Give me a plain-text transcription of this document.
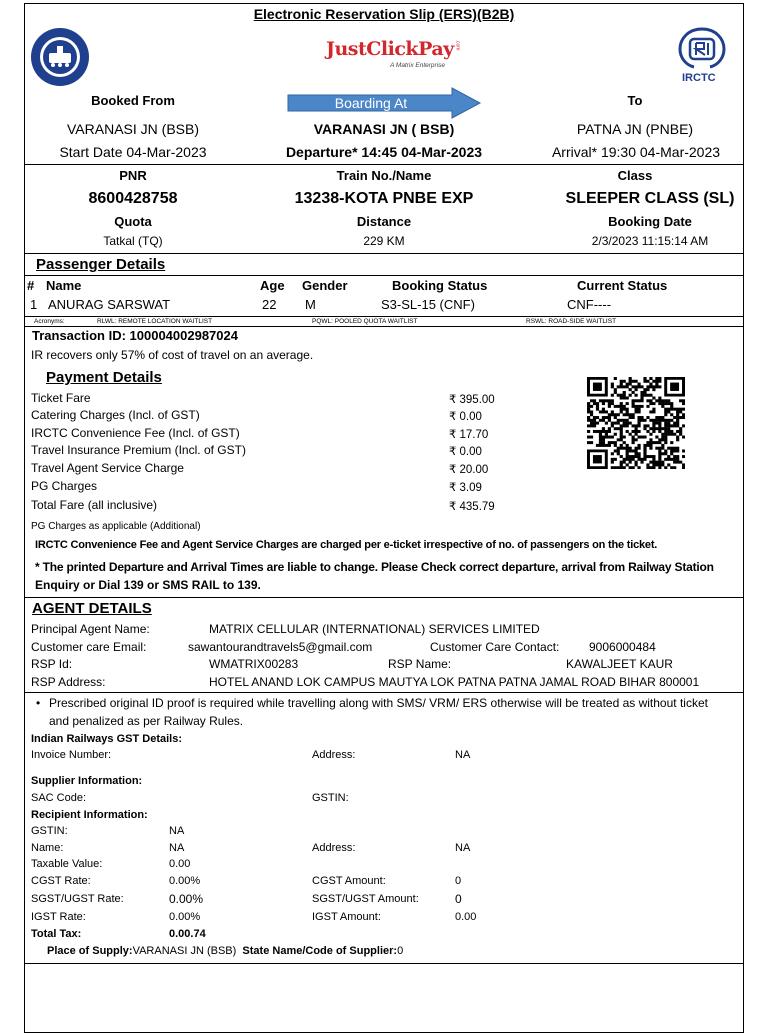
Electronic Reservation Slip (ERS)(B2B)
JustClickPay .com
A Matrix Enterprise
IRCTC
Booked From	Boarding At	To
VARANASI JN (BSB)	VARANASI JN ( BSB)	PATNA JN (PNBE)
Start Date 04-Mar-2023	Departure* 14:45 04-Mar-2023	Arrival* 19:30 04-Mar-2023
PNR	Train No./Name	Class
8600428758	13238-KOTA PNBE EXP	SLEEPER CLASS (SL)
Quota	Distance	Booking Date
Tatkal (TQ)	229 KM	2/3/2023 11:15:14 AM
Passenger Details
# Name	Age Gender	Booking Status	Current Status
1 ANURAG SARSWAT	22 M	S3-SL-15 (CNF)	CNF----
Acronyms:	RLWL: REMOTE LOCATION WAITLIST	PQWL: POOLED QUOTA WAITLIST	RSWL: ROAD-SIDE WAITLIST
Transaction ID: 100004002987024
IR recovers only 57% of cost of travel on an average.
Payment Details
Ticket Fare	₹ 395.00
Catering Charges (Incl. of GST)	₹ 0.00
IRCTC Convenience Fee (Incl. of GST)	₹ 17.70
Travel Insurance Premium (Incl. of GST)	₹ 0.00
Travel Agent Service Charge	₹ 20.00
PG Charges	₹ 3.09
Total Fare (all inclusive)	₹ 435.79
PG Charges as applicable (Additional)
IRCTC Convenience Fee and Agent Service Charges are charged per e-ticket irrespective of no. of passengers on the ticket.
* The printed Departure and Arrival Times are liable to change. Please Check correct departure, arrival from Railway Station
Enquiry or Dial 139 or SMS RAIL to 139.
AGENT DETAILS
Principal Agent Name:	MATRIX CELLULAR (INTERNATIONAL) SERVICES LIMITED
Customer care Email:	sawantourandtravels5@gmail.com	Customer Care Contact: 9006000484
RSP Id:	WMATRIX00283	RSP Name:	KAWALJEET KAUR
RSP Address:	HOTEL ANAND LOK CAMPUS MAUTYA LOK PATNA PATNA JAMAL ROAD BIHAR 800001
• Prescribed original ID proof is required while travelling along with SMS/ VRM/ ERS otherwise will be treated as without ticket
and penalized as per Railway Rules.
Indian Railways GST Details:
Invoice Number:	Address:	NA
Supplier Information:
SAC Code:	GSTIN:
Recipient Information:
GSTIN:	NA
Name:	NA	Address:	NA
Taxable Value:	0.00
CGST Rate:	0.00%	CGST Amount:	0
SGST/UGST Rate:	0.00%	SGST/UGST Amount:	0
IGST Rate:	0.00%	IGST Amount:	0.00
Total Tax:	0.00.74
Place of Supply:VARANASI JN (BSB) State Name/Code of Supplier:0
